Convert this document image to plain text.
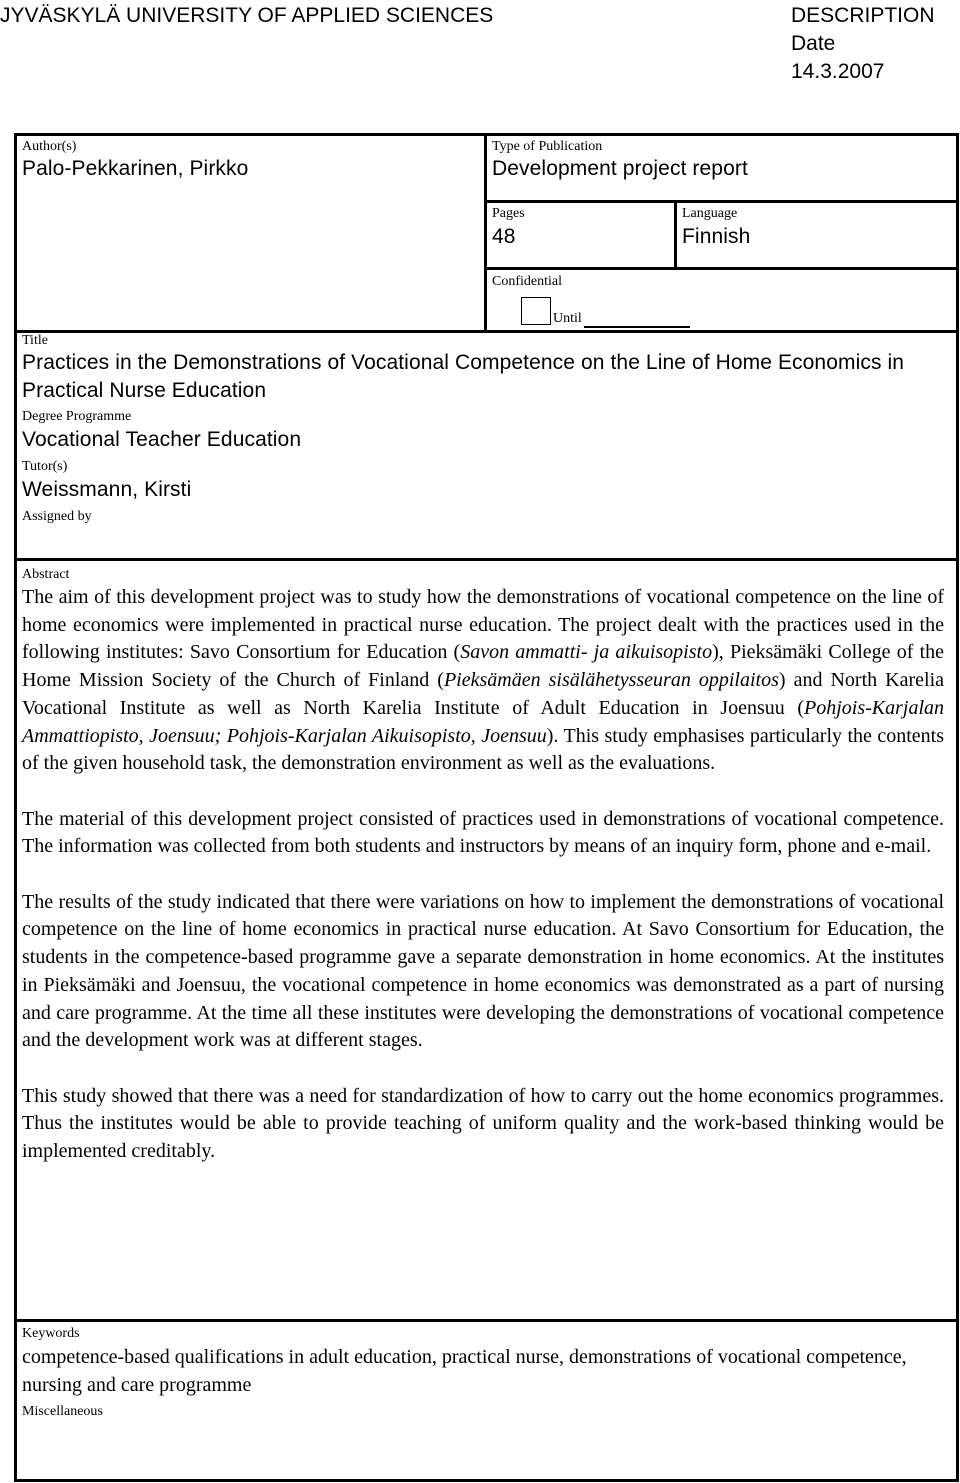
JYVÄSKYLÄ UNIVERSITY OF APPLIED SCIENCES	DESCRIPTION
Date
14.3.2007
Author(s)
Palo-Pekkarinen, Pirkko
Type of Publication
Development project report
Pages
48
Language
Finnish
Confidential
Until
Title
Practices in the Demonstrations of Vocational Competence on the Line of Home Economics in Practical Nurse Education
Degree Programme
Vocational Teacher Education
Tutor(s)
Weissmann, Kirsti
Assigned by
Abstract

The aim of this development project was to study how the demonstrations of vocational competence on the line of home economics were implemented in practical nurse education. The project dealt with the practices used in the following institutes: Savo Consortium for Education (Savon ammatti- ja aikuisopisto), Pieksämäki College of the Home Mission Society of the Church of Finland (Pieksämäen sisälähetysseuran oppilaitos) and North Karelia Vocational Institute as well as North Karelia Institute of Adult Education in Joensuu (Pohjois-Karjalan Ammattiopisto, Joensuu; Pohjois-Karjalan Aikuisopisto, Joensuu). This study emphasises particularly the contents of the given household task, the demonstration environment as well as the evaluations.

The material of this development project consisted of practices used in demonstrations of vocational competence. The information was collected from both students and instructors by means of an inquiry form, phone and e-mail.

The results of the study indicated that there were variations on how to implement the demonstrations of vocational competence on the line of home economics in practical nurse education. At Savo Consortium for Education, the students in the competence-based programme gave a separate demonstration in home economics. At the institutes in Pieksämäki and Joensuu, the vocational competence in home economics was demonstrated as a part of nursing and care programme. At the time all these institutes were developing the demonstrations of vocational competence and the development work was at different stages.

This study showed that there was a need for standardization of how to carry out the home economics programmes. Thus the institutes would be able to provide teaching of uniform quality and the work-based thinking would be implemented creditably.

Keywords
competence-based qualifications in adult education, practical nurse, demonstrations of vocational competence, nursing and care programme
Miscellaneous
